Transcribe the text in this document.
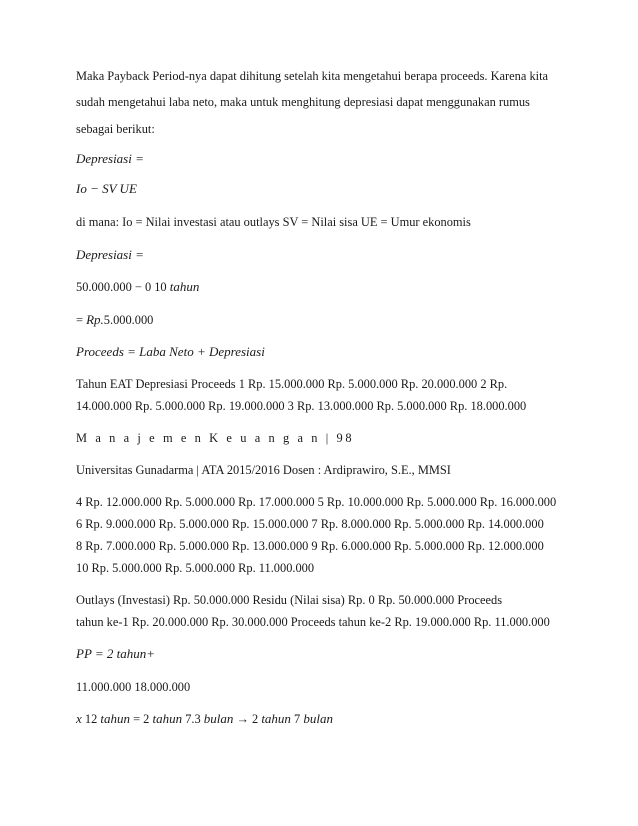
Maka Payback Period-nya dapat dihitung setelah kita mengetahui berapa proceeds. Karena kita
sudah mengetahui laba neto, maka untuk menghitung depresiasi dapat menggunakan rumus
sebagai berikut:
Depresiasi =
Io − SV UE
di mana: Io = Nilai investasi atau outlays SV = Nilai sisa UE = Umur ekonomis
Depresiasi =
50.000.000 − 0 10 tahun
= Rp.5.000.000
Proceeds = Laba Neto + Depresiasi
Tahun EAT Depresiasi Proceeds 1 Rp. 15.000.000 Rp. 5.000.000 Rp. 20.000.000 2 Rp.
14.000.000 Rp. 5.000.000 Rp. 19.000.000 3 Rp. 13.000.000 Rp. 5.000.000 Rp. 18.000.000
M a n a j e m e n K e u a n g a n | 98
Universitas Gunadarma | ATA 2015/2016 Dosen : Ardiprawiro, S.E., MMSI
4 Rp. 12.000.000 Rp. 5.000.000 Rp. 17.000.000 5 Rp. 10.000.000 Rp. 5.000.000 Rp. 16.000.000
6 Rp. 9.000.000 Rp. 5.000.000 Rp. 15.000.000 7 Rp. 8.000.000 Rp. 5.000.000 Rp. 14.000.000
8 Rp. 7.000.000 Rp. 5.000.000 Rp. 13.000.000 9 Rp. 6.000.000 Rp. 5.000.000 Rp. 12.000.000
10 Rp. 5.000.000 Rp. 5.000.000 Rp. 11.000.000
Outlays (Investasi) Rp. 50.000.000 Residu (Nilai sisa) Rp. 0 Rp. 50.000.000 Proceeds
tahun ke-1 Rp. 20.000.000 Rp. 30.000.000 Proceeds tahun ke-2 Rp. 19.000.000 Rp. 11.000.000
PP = 2 tahun+
11.000.000 18.000.000
x 12 tahun = 2 tahun 7.3 bulan → 2 tahun 7 bulan
